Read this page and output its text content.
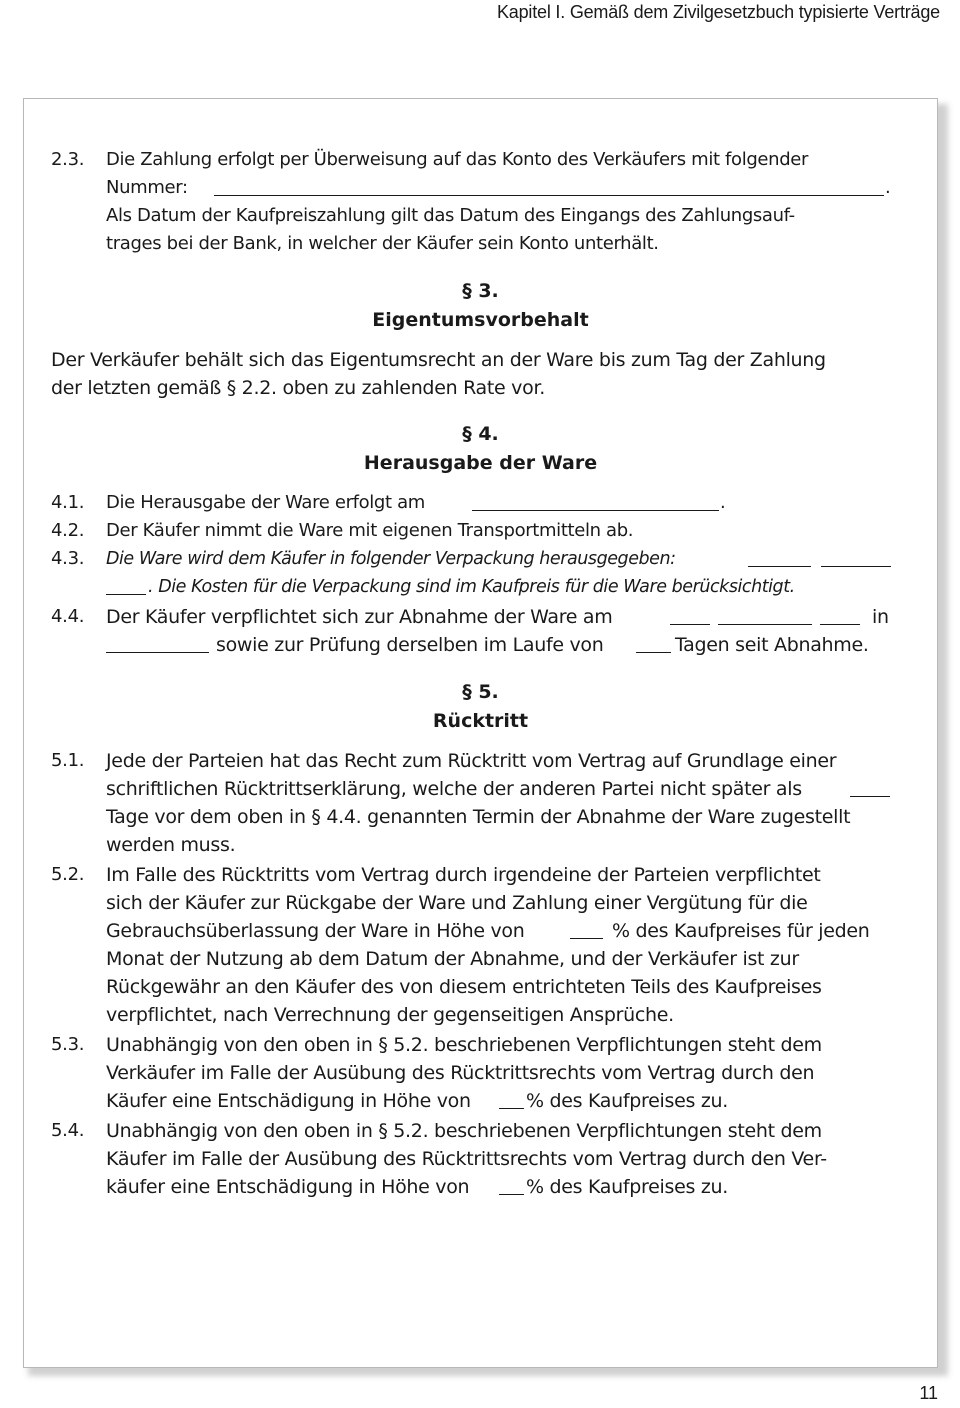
Kapitel I. Gemäß dem Zivilgesetzbuch typisierte Verträge
2.3. Die Zahlung erfolgt per Überweisung auf das Konto des Verkäufers mit folgender
Nummer:	.
Als Datum der Kaufpreiszahlung gilt das Datum des Eingangs des Zahlungsauf-
trages bei der Bank, in welcher der Käufer sein Konto unterhält.
§ 3.
Eigentumsvorbehalt
Der Verkäufer behält sich das Eigentumsrecht an der Ware bis zum Tag der Zahlung
der letzten gemäß § 2.2. oben zu zahlenden Rate vor.
§ 4.
Herausgabe der Ware
4.1. Die Herausgabe der Ware erfolgt am	.
4.2. Der Käufer nimmt die Ware mit eigenen Transportmitteln ab.
4.3. Die Ware wird dem Käufer in folgender Verpackung herausgegeben:
. Die Kosten für die Verpackung sind im Kaufpreis für die Ware berücksichtigt.
4.4. Der Käufer verpflichtet sich zur Abnahme der Ware am	in
sowie zur Prüfung derselben im Laufe von	Tagen seit Abnahme.
§ 5.
Rücktritt
5.1. Jede der Parteien hat das Recht zum Rücktritt vom Vertrag auf Grundlage einer
schriftlichen Rücktrittserklärung, welche der anderen Partei nicht später als
Tage vor dem oben in § 4.4. genannten Termin der Abnahme der Ware zugestellt
werden muss.
5.2. Im Falle des Rücktritts vom Vertrag durch irgendeine der Parteien verpflichtet
sich der Käufer zur Rückgabe der Ware und Zahlung einer Vergütung für die
Gebrauchsüberlassung der Ware in Höhe von	% des Kaufpreises für jeden
Monat der Nutzung ab dem Datum der Abnahme, und der Verkäufer ist zur
Rückgewähr an den Käufer des von diesem entrichteten Teils des Kaufpreises
verpflichtet, nach Verrechnung der gegenseitigen Ansprüche.
5.3. Unabhängig von den oben in § 5.2. beschriebenen Verpflichtungen steht dem
Verkäufer im Falle der Ausübung des Rücktrittsrechts vom Vertrag durch den
Käufer eine Entschädigung in Höhe von	% des Kaufpreises zu.
5.4. Unabhängig von den oben in § 5.2. beschriebenen Verpflichtungen steht dem
Käufer im Falle der Ausübung des Rücktrittsrechts vom Vertrag durch den Ver-
käufer eine Entschädigung in Höhe von	% des Kaufpreises zu.
11
